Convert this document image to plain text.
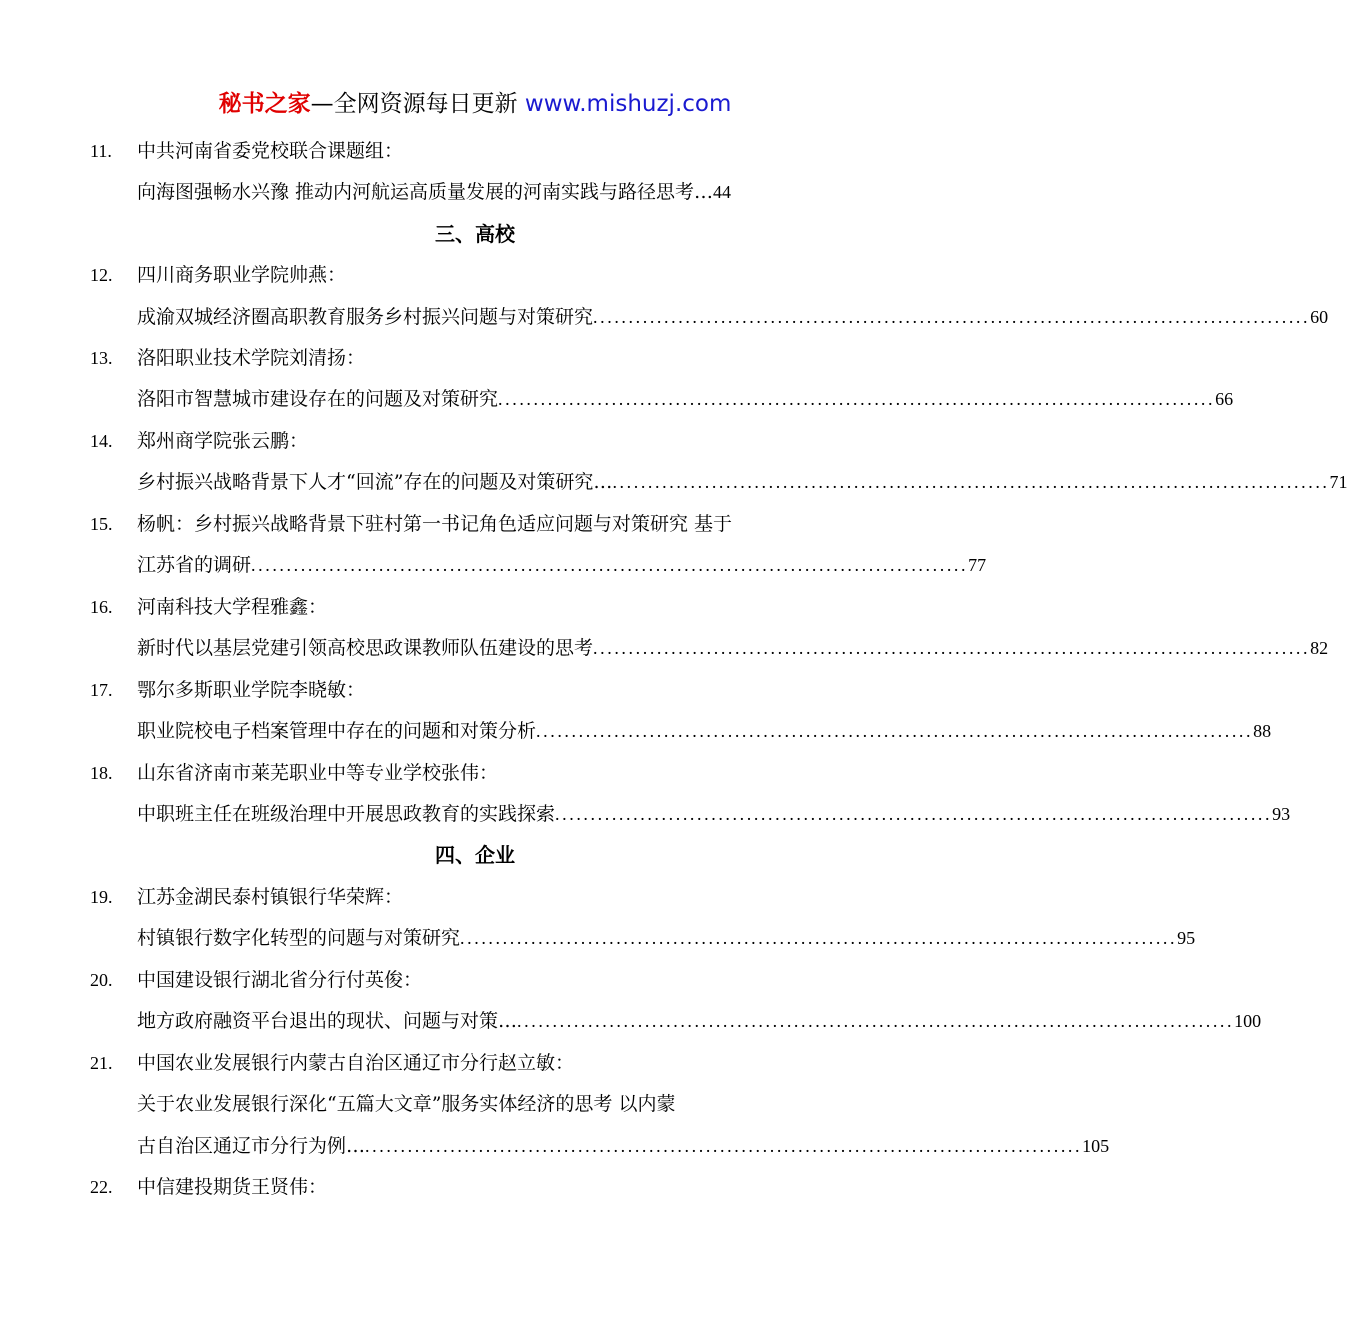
秘书之家—全网资源每日更新 www.mishuzj.com
11.	中共河南省委党校联合课题组：
向海图强畅水兴豫 推动内河航运高质量发展的河南实践与路径思考… 44
三、高校
12.	四川商务职业学院帅燕：
成渝双城经济圈高职教育服务乡村振兴问题与对策研究 ..................................................................................................... 60
13.	洛阳职业技术学院刘清扬：
洛阳市智慧城市建设存在的问题及对策研究 ..................................................................................................... 66
14.	郑州商学院张云鹏：
乡村振兴战略背景下人才“回流”存在的问题及对策研究… ..................................................................................................... 71
15.	杨帆：乡村振兴战略背景下驻村第一书记角色适应问题与对策研究 基于
江苏省的调研 ..................................................................................................... 77
16.	河南科技大学程雅鑫：
新时代以基层党建引领高校思政课教师队伍建设的思考 ..................................................................................................... 82
17.	鄂尔多斯职业学院李晓敏：
职业院校电子档案管理中存在的问题和对策分析 ..................................................................................................... 88
18.	山东省济南市莱芜职业中等专业学校张伟：
中职班主任在班级治理中开展思政教育的实践探索 ..................................................................................................... 93
四、企业
19.	江苏金湖民泰村镇银行华荣辉：
村镇银行数字化转型的问题与对策研究 ..................................................................................................... 95
20.	中国建设银行湖北省分行付英俊：
地方政府融资平台退出的现状、问题与对策… ..................................................................................................... 100
21.	中国农业发展银行内蒙古自治区通辽市分行赵立敏：
关于农业发展银行深化“五篇大文章”服务实体经济的思考 以内蒙
古自治区通辽市分行为例… ..................................................................................................... 105
22.	中信建投期货王贤伟：
